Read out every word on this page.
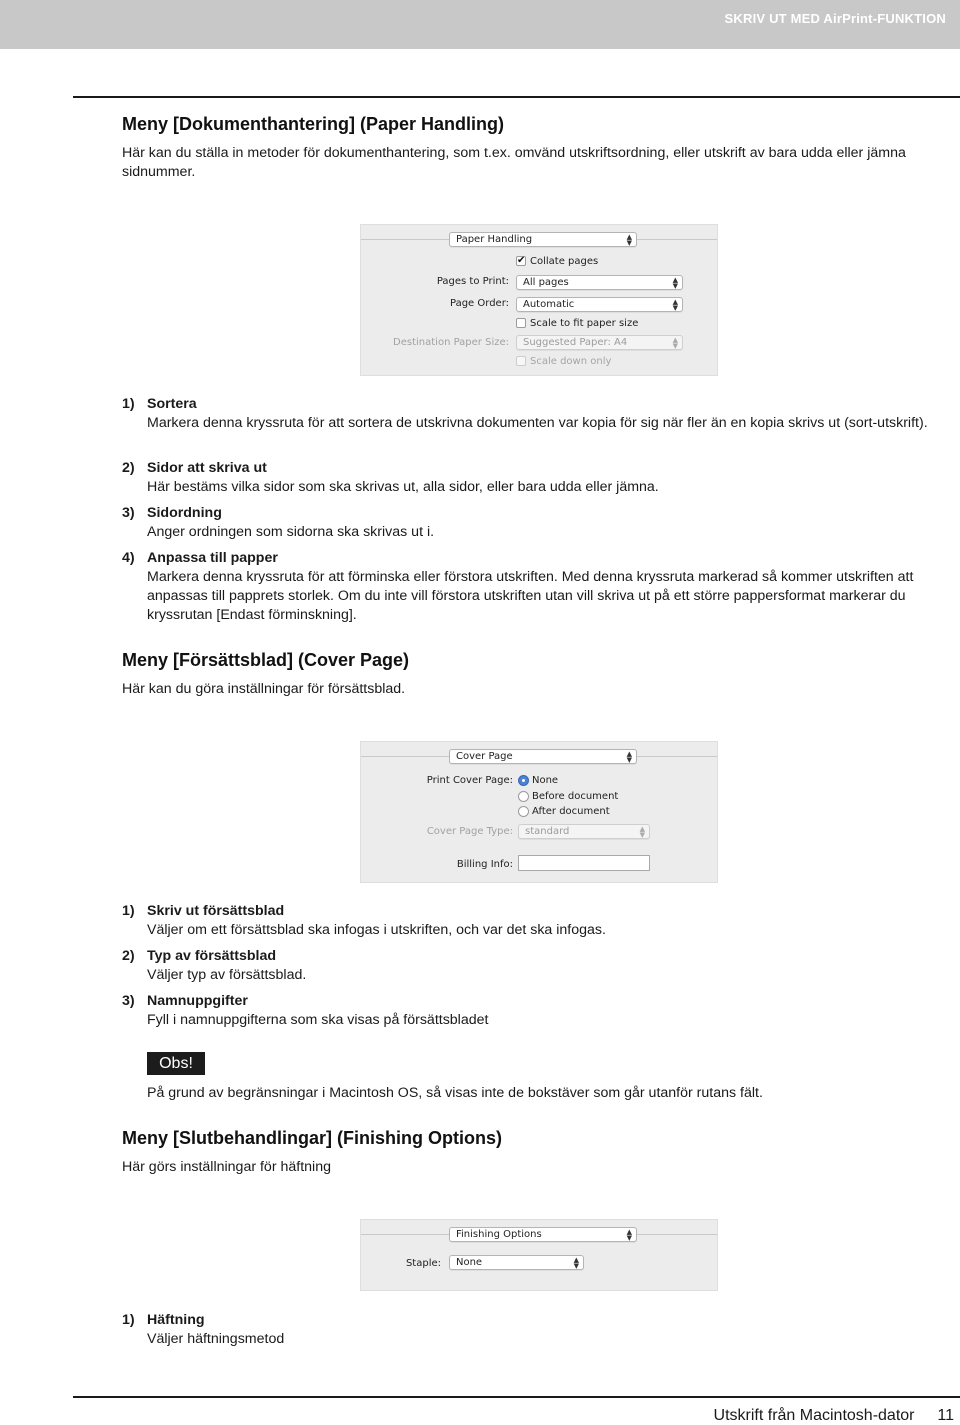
SKRIV UT MED AirPrint-FUNKTION
Meny [Dokumenthantering] (Paper Handling)
Här kan du ställa in metoder för dokumenthantering, som t.ex. omvänd utskriftsordning, eller utskrift av bara udda eller jämna sidnummer.
Paper Handling	▲
▼
✔ Collate pages
Pages to Print:	All pages	▲
▼
Page Order:	Automatic	▲
▼
Scale to fit paper size
Destination Paper Size:	Suggested Paper: A4	▲
▼
Scale down only
1) Sortera
Markera denna kryssruta för att sortera de utskrivna dokumenten var kopia för sig när fler än en kopia skrivs ut (sort-utskrift).
2) Sidor att skriva ut
Här bestäms vilka sidor som ska skrivas ut, alla sidor, eller bara udda eller jämna.
3) Sidordning
Anger ordningen som sidorna ska skrivas ut i.
4) Anpassa till papper
Markera denna kryssruta för att förminska eller förstora utskriften. Med denna kryssruta markerad så kommer utskriften att anpassas till papprets storlek. Om du inte vill förstora utskriften utan vill skriva ut på ett större pappersformat markerar du kryssrutan [Endast förminskning].
Meny [Försättsblad] (Cover Page)
Här kan du göra inställningar för försättsblad.
Cover Page	▲
▼
Print Cover Page: None
Before document
After document
Cover Page Type:	standard	▲
▼
Billing Info:
1) Skriv ut försättsblad
Väljer om ett försättsblad ska infogas i utskriften, och var det ska infogas.
2) Typ av försättsblad
Väljer typ av försättsblad.
3) Namnuppgifter
Fyll i namnuppgifterna som ska visas på försättsbladet
Obs!
På grund av begränsningar i Macintosh OS, så visas inte de bokstäver som går utanför rutans fält.
Meny [Slutbehandlingar] (Finishing Options)
Här görs inställningar för häftning
Finishing Options	▲
▼
Staple:	None	▲
▼
1) Häftning
Väljer häftningsmetod
Utskrift från Macintosh-dator 11
